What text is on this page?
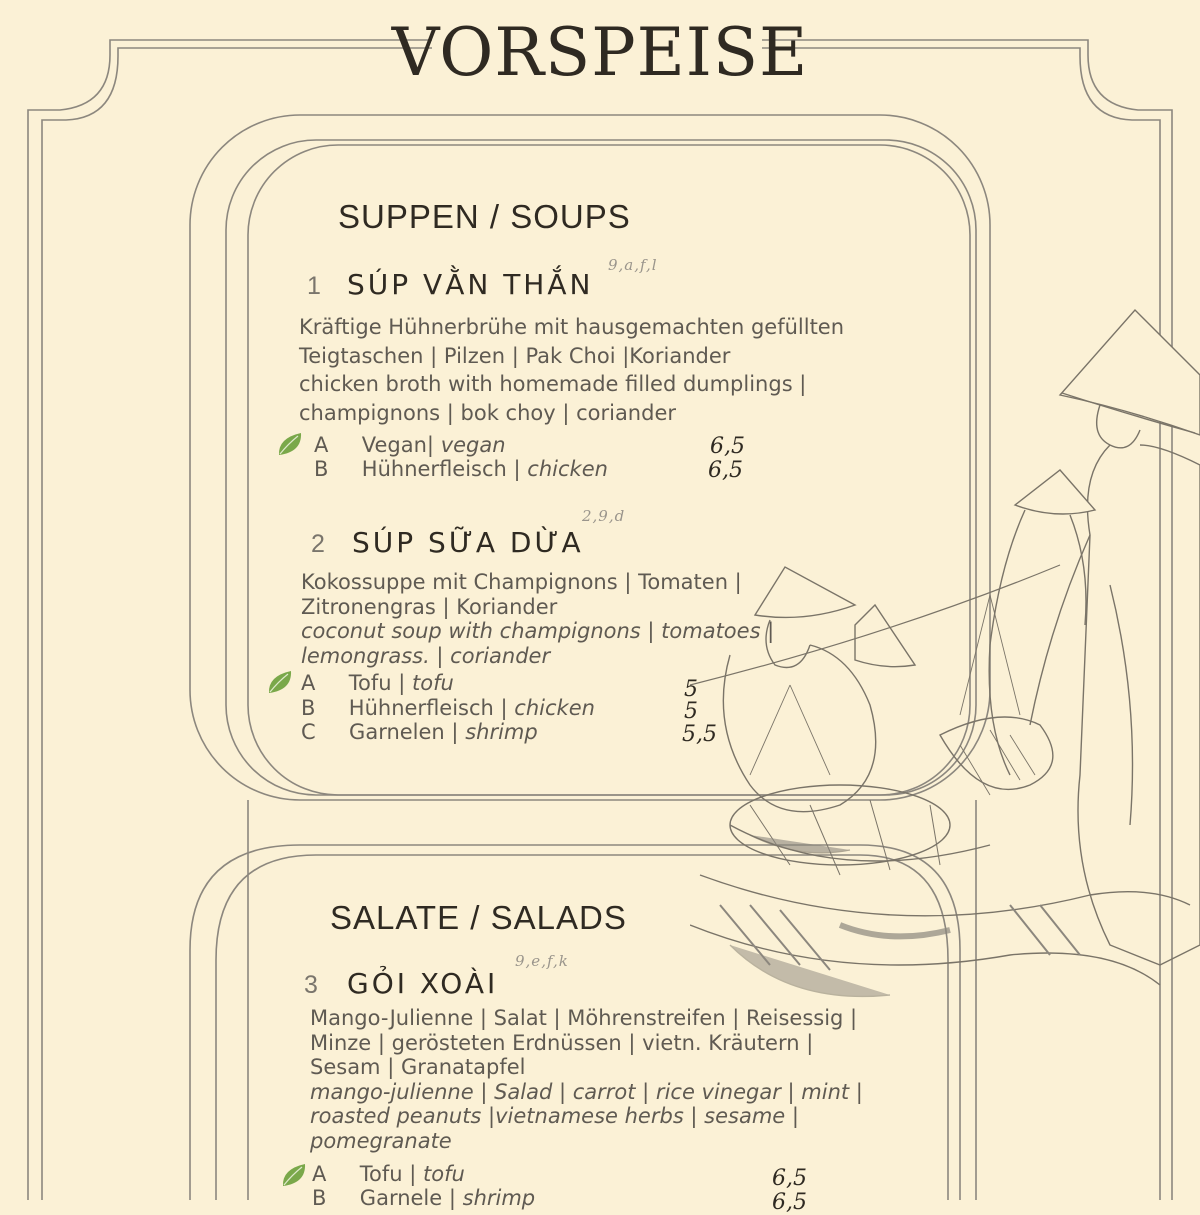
VORSPEISE
SUPPEN / SOUPS
1 SÚP VẰN THẮN
9,a,f,l
Kräftige Hühnerbrühe mit hausgemachten gefüllten
Teigtaschen | Pilzen | Pak Choi |Koriander
chicken broth with homemade filled dumplings |
champignons | bok choy | coriander
A Vegan| vegan	6,5
B Hühnerfleisch | chicken	6,5
2 SÚP SỮA DỪA
2,9,d
Kokossuppe mit Champignons | Tomaten |
Zitronengras | Koriander
coconut soup with champignons | tomatoes |
lemongrass. | coriander
A Tofu | tofu	5
B Hühnerfleisch | chicken	5
C Garnelen | shrimp	5,5
SALATE / SALADS
3 GỎI XOÀI
9,e,f,k
Mango-Julienne | Salat | Möhrenstreifen | Reisessig |
Minze | gerösteten Erdnüssen | vietn. Kräutern |
Sesam | Granatapfel
mango-julienne | Salad | carrot | rice vinegar | mint |
roasted peanuts |vietnamese herbs | sesame |
pomegranate
A Tofu | tofu	6,5
B Garnele | shrimp	6,5
